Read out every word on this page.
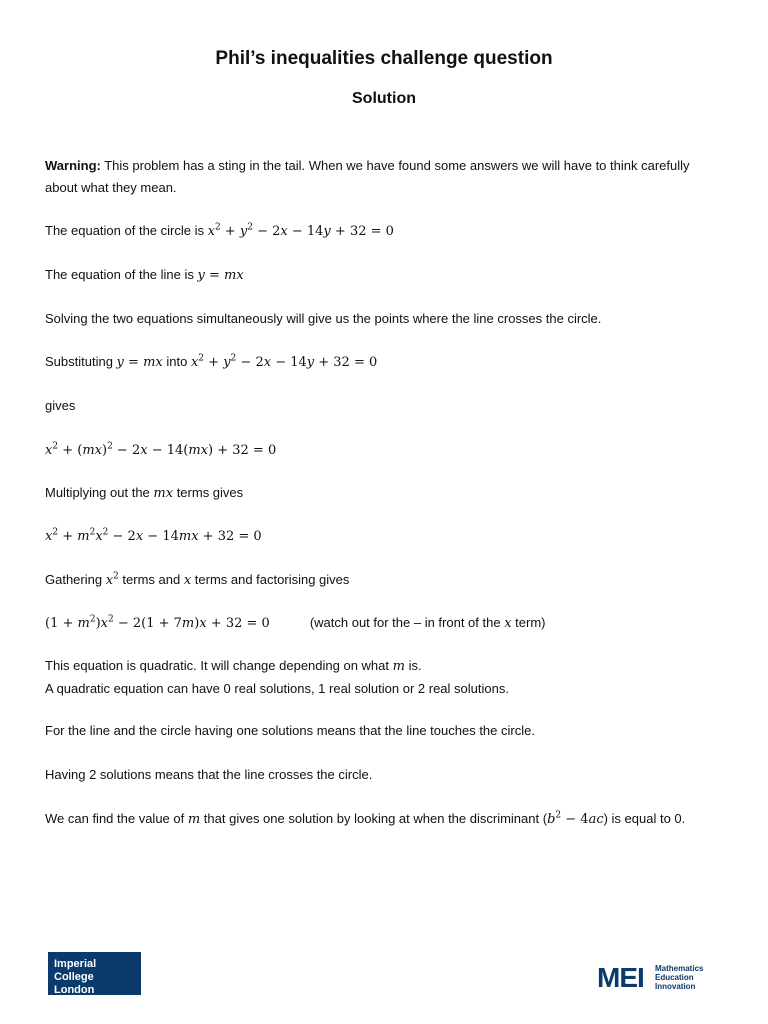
Phil’s inequalities challenge question
Solution
Warning: This problem has a sting in the tail. When we have found some answers we will have to think carefully about what they mean.
The equation of the circle is $x^2 + y^2 - 2x - 14y + 32 = 0$
The equation of the line is y = mx
Solving the two equations simultaneously will give us the points where the line crosses the circle.
Substituting y = mx into $x^2 + y^2 - 2x - 14y + 32 = 0$
gives
$x^2 + (mx)^2 - 2x - 14(mx) + 32 = 0$
Multiplying out the mx terms gives
$x^2 + m^2x^2 - 2x - 14mx + 32 = 0$
Gathering $x^2$ terms and x terms and factorising gives
$(1 + m^2)x^2 - 2(1 + 7m)x + 32 = 0$	(watch out for the – in front of the x term)
This equation is quadratic. It will change depending on what m is.
A quadratic equation can have 0 real solutions, 1 real solution or 2 real solutions.
For the line and the circle having one solutions means that the line touches the circle.
Having 2 solutions means that the line crosses the circle.
We can find the value of m that gives one solution by looking at when the discriminant $(b^2 - 4ac)$ is equal to 0.
Imperial College
London	MEI Mathematics
Education
Innovation
